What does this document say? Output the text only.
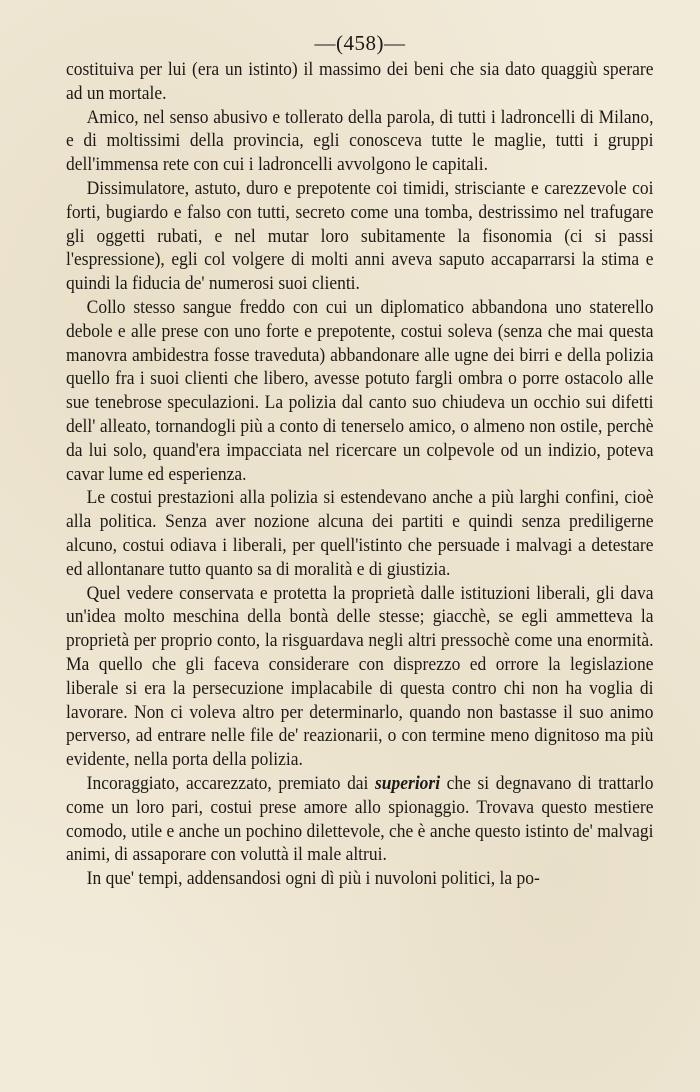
—(458)—

costituiva per lui (era un istinto) il massimo dei beni che sia dato quaggiù sperare ad un mortale.

Amico, nel senso abusivo e tollerato della parola, di tutti i ladroncelli di Milano, e di moltissimi della provincia, egli conosceva tutte le maglie, tutti i gruppi dell'immensa rete con cui i ladroncelli avvolgono le capitali.

Dissimulatore, astuto, duro e prepotente coi timidi, strisciante e carezzevole coi forti, bugiardo e falso con tutti, secreto come una tomba, destrissimo nel trafugare gli oggetti rubati, e nel mutar loro subitamente la fisonomia (ci si passi l'espressione), egli col volgere di molti anni aveva saputo accaparrarsi la stima e quindi la fiducia de' numerosi suoi clienti.

Collo stesso sangue freddo con cui un diplomatico abbandona uno staterello debole e alle prese con uno forte e prepotente, costui soleva (senza che mai questa manovra ambidestra fosse traveduta) abbandonare alle ugne dei birri e della polizia quello fra i suoi clienti che libero, avesse potuto fargli ombra o porre ostacolo alle sue tenebrose speculazioni. La polizia dal canto suo chiudeva un occhio sui difetti dell' alleato, tornandogli più a conto di tenerselo amico, o almeno non ostile, perchè da lui solo, quand'era impacciata nel ricercare un colpevole od un indizio, poteva cavar lume ed esperienza.

Le costui prestazioni alla polizia si estendevano anche a più larghi confini, cioè alla politica. Senza aver nozione alcuna dei partiti e quindi senza prediligerne alcuno, costui odiava i liberali, per quell'istinto che persuade i malvagi a detestare ed allontanare tutto quanto sa di moralità e di giustizia.

Quel vedere conservata e protetta la proprietà dalle istituzioni liberali, gli dava un'idea molto meschina della bontà delle stesse; giacchè, se egli ammetteva la proprietà per proprio conto, la risguardava negli altri pressochè come una enormità. Ma quello che gli faceva considerare con disprezzo ed orrore la legislazione liberale si era la persecuzione implacabile di questa contro chi non ha voglia di lavorare. Non ci voleva altro per determinarlo, quando non bastasse il suo animo perverso, ad entrare nelle file de' reazionarii, o con termine meno dignitoso ma più evidente, nella porta della polizia.

Incoraggiato, accarezzato, premiato dai superiori che si degnavano di trattarlo come un loro pari, costui prese amore allo spionaggio. Trovava questo mestiere comodo, utile e anche un pochino dilettevole, che è anche questo istinto de' malvagi animi, di assaporare con voluttà il male altrui.

In que' tempi, addensandosi ogni dì più i nuvoloni politici, la po-
